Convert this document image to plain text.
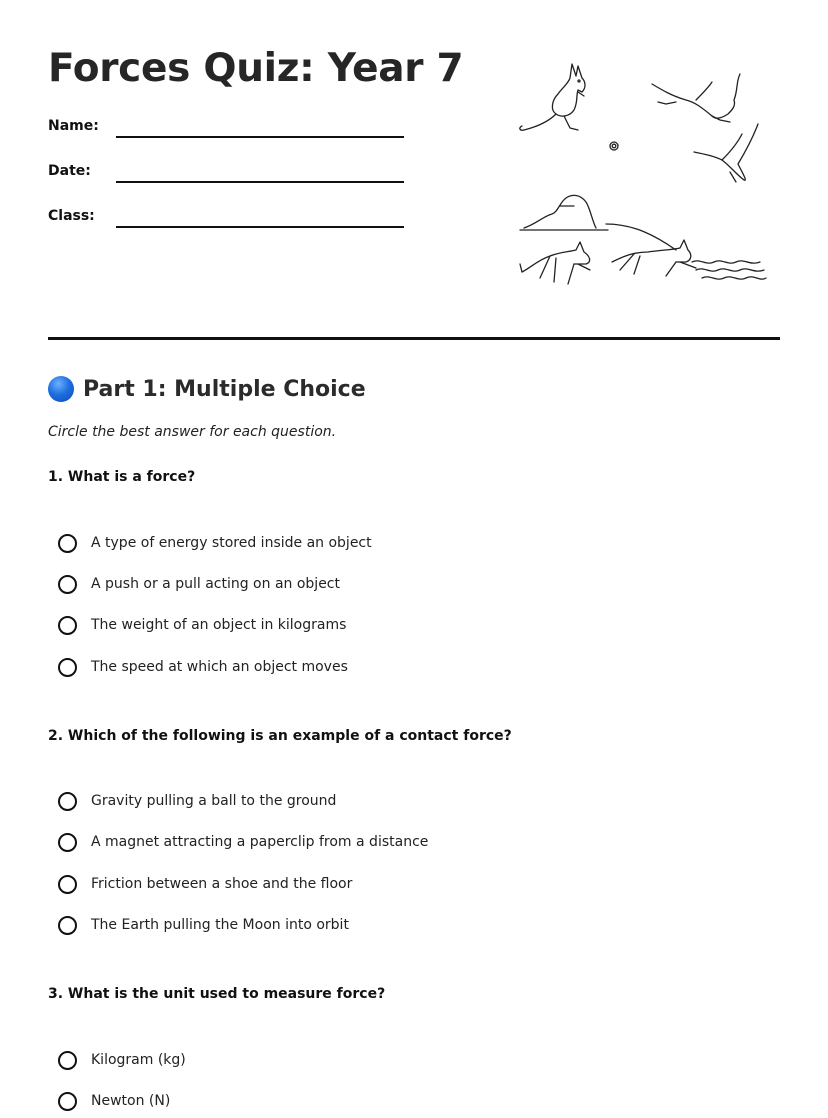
Forces Quiz: Year 7
Name:
Date:
Class:
Part 1: Multiple Choice
Circle the best answer for each question.
1. What is a force?
A type of energy stored inside an object
A push or a pull acting on an object
The weight of an object in kilograms
The speed at which an object moves
2. Which of the following is an example of a contact force?
Gravity pulling a ball to the ground
A magnet attracting a paperclip from a distance
Friction between a shoe and the floor
The Earth pulling the Moon into orbit
3. What is the unit used to measure force?
Kilogram (kg)
Newton (N)
